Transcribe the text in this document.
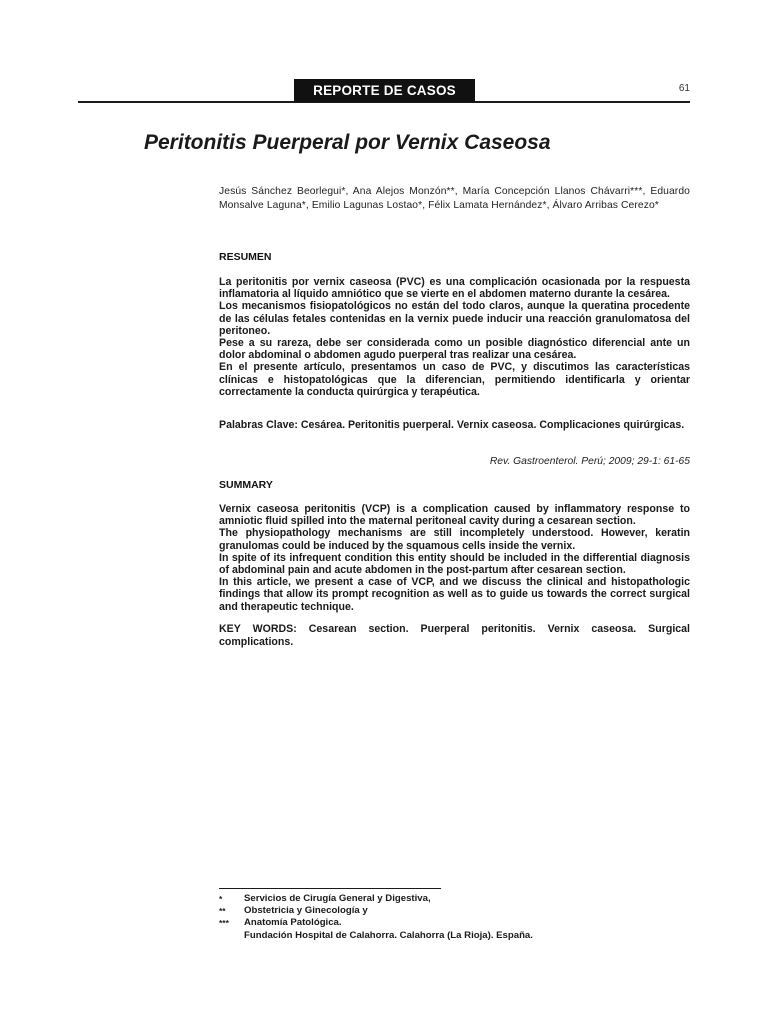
REPORTE DE CASOS	61
Peritonitis Puerperal por Vernix Caseosa
Jesús Sánchez Beorlegui*, Ana Alejos Monzón**, María Concepción Llanos Chávarri***, Eduardo Monsalve Laguna*, Emilio Lagunas Lostao*, Félix Lamata Hernández*, Álvaro Arribas Cerezo*
RESUMEN

La peritonitis por vernix caseosa (PVC) es una complicación ocasionada por la respuesta inflamatoria al líquido amniótico que se vierte en el abdomen materno durante la cesárea.

Los mecanismos fisiopatológicos no están del todo claros, aunque la queratina procedente de las células fetales contenidas en la vernix puede inducir una reacción granulomatosa del peritoneo.

Pese a su rareza, debe ser considerada como un posible diagnóstico diferencial ante un dolor abdominal o abdomen agudo puerperal tras realizar una cesárea.

En el presente artículo, presentamos un caso de PVC, y discutimos las características clínicas e histopatológicas que la diferencian, permitiendo identificarla y orientar correctamente la conducta quirúrgica y terapéutica.

Palabras Clave: Cesárea. Peritonitis puerperal. Vernix caseosa. Complicaciones quirúrgicas.
Rev. Gastroenterol. Perú; 2009; 29-1: 61-65
SUMMARY

Vernix caseosa peritonitis (VCP) is a complication caused by inflammatory response to amniotic fluid spilled into the maternal peritoneal cavity during a cesarean section.

The physiopathology mechanisms are still incompletely understood. However, keratin granulomas could be induced by the squamous cells inside the vernix.

In spite of its infrequent condition this entity should be included in the differential diagnosis of abdominal pain and acute abdomen in the post-partum after cesarean section.

In this article, we present a case of VCP, and we discuss the clinical and histopathologic findings that allow its prompt recognition as well as to guide us towards the correct surgical and therapeutic technique.

KEY WORDS: Cesarean section. Puerperal peritonitis. Vernix caseosa. Surgical complications.
*	Servicios de Cirugía General y Digestiva,
**	Obstetricia y Ginecología y
***	Anatomía Patológica.
Fundación Hospital de Calahorra. Calahorra (La Rioja). España.
